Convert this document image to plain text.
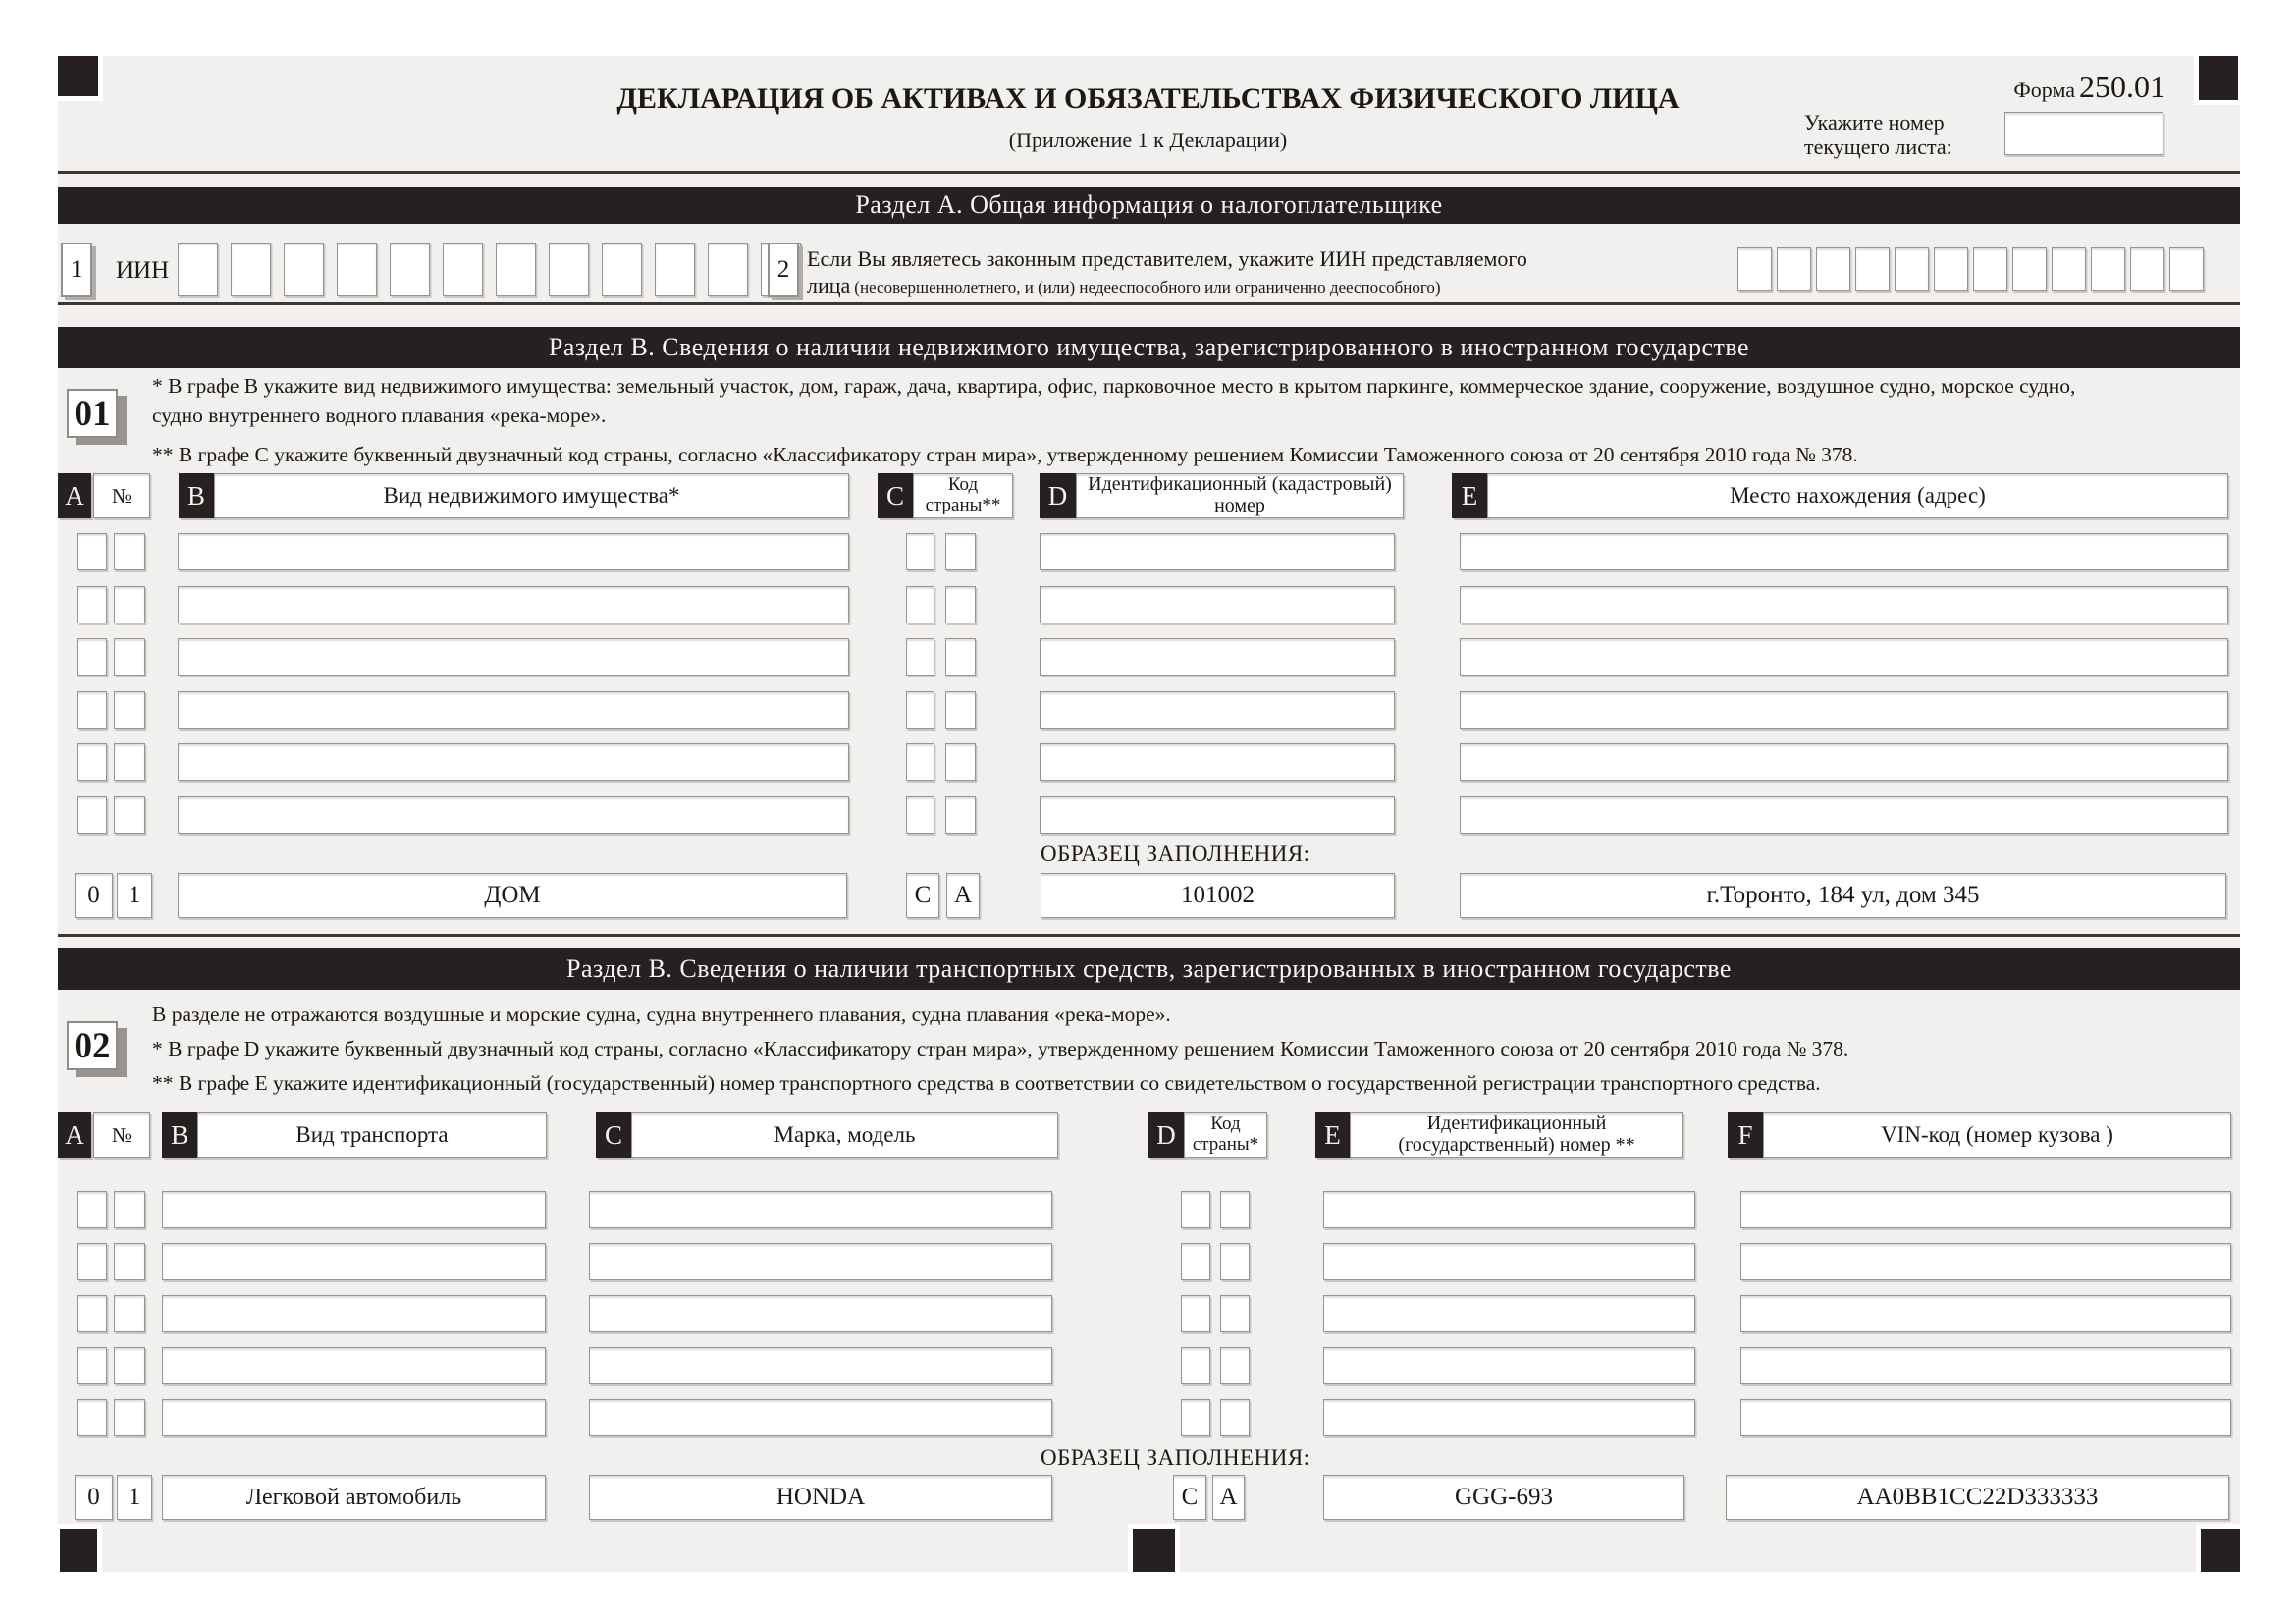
ДЕКЛАРАЦИЯ ОБ АКТИВАХ И ОБЯЗАТЕЛЬСТВАХ ФИЗИЧЕСКОГО ЛИЦА
(Приложение 1 к Декларации)
Форма 250.01
Укажите номер текущего листа:
Раздел А. Общая информация о налогоплательщике
1	ИИН	2 Если Вы являетесь законным представителем, укажите ИИН представляемого
лица (несовершеннолетнего, и (или) недееспособного или ограниченно дееспособного)
Раздел В. Сведения о наличии недвижимого имущества, зарегистрированного в иностранном государстве
01
* В графе В укажите вид недвижимого имущества: земельный участок, дом, гараж, дача, квартира, офис, парковочное место в крытом паркинге, коммерческое здание, сооружение, воздушное судно, морское судно, судно внутреннего водного плавания «река-море».
** В графе С укажите буквенный двузначный код страны, согласно «Классификатору стран мира», утвержденному решением Комиссии Таможенного союза от 20 сентября 2010 года № 378.
A	№	B	Вид недвижимого имущества*	C	Код страны**	D	Идентификационный (кадастровый) номер	E	Место нахождения (адрес)
ОБРАЗЕЦ ЗАПОЛНЕНИЯ:
0	1	ДОМ	C A	101002	г.Торонто, 184 ул, дом 345
Раздел В. Сведения о наличии транспортных средств, зарегистрированных в иностранном государстве
02
В разделе не отражаются воздушные и морские судна, судна внутреннего плавания, судна плавания «река-море».
* В графе D укажите буквенный двузначный код страны, согласно «Классификатору стран мира», утвержденному решением Комиссии Таможенного союза от 20 сентября 2010 года № 378.
** В графе Е укажите идентификационный (государственный) номер транспортного средства в соответствии со свидетельством о государственной регистрации транспортного средства.
A	№	B	Вид транспорта	C	Марка, модель	D	Код страны*	E	Идентификационный (государственный) номер **	F	VIN-код (номер кузова )
ОБРАЗЕЦ ЗАПОЛНЕНИЯ:
0	1	Легковой автомобиль	HONDA	C A	GGG-693	AA0BB1CC22D333333
